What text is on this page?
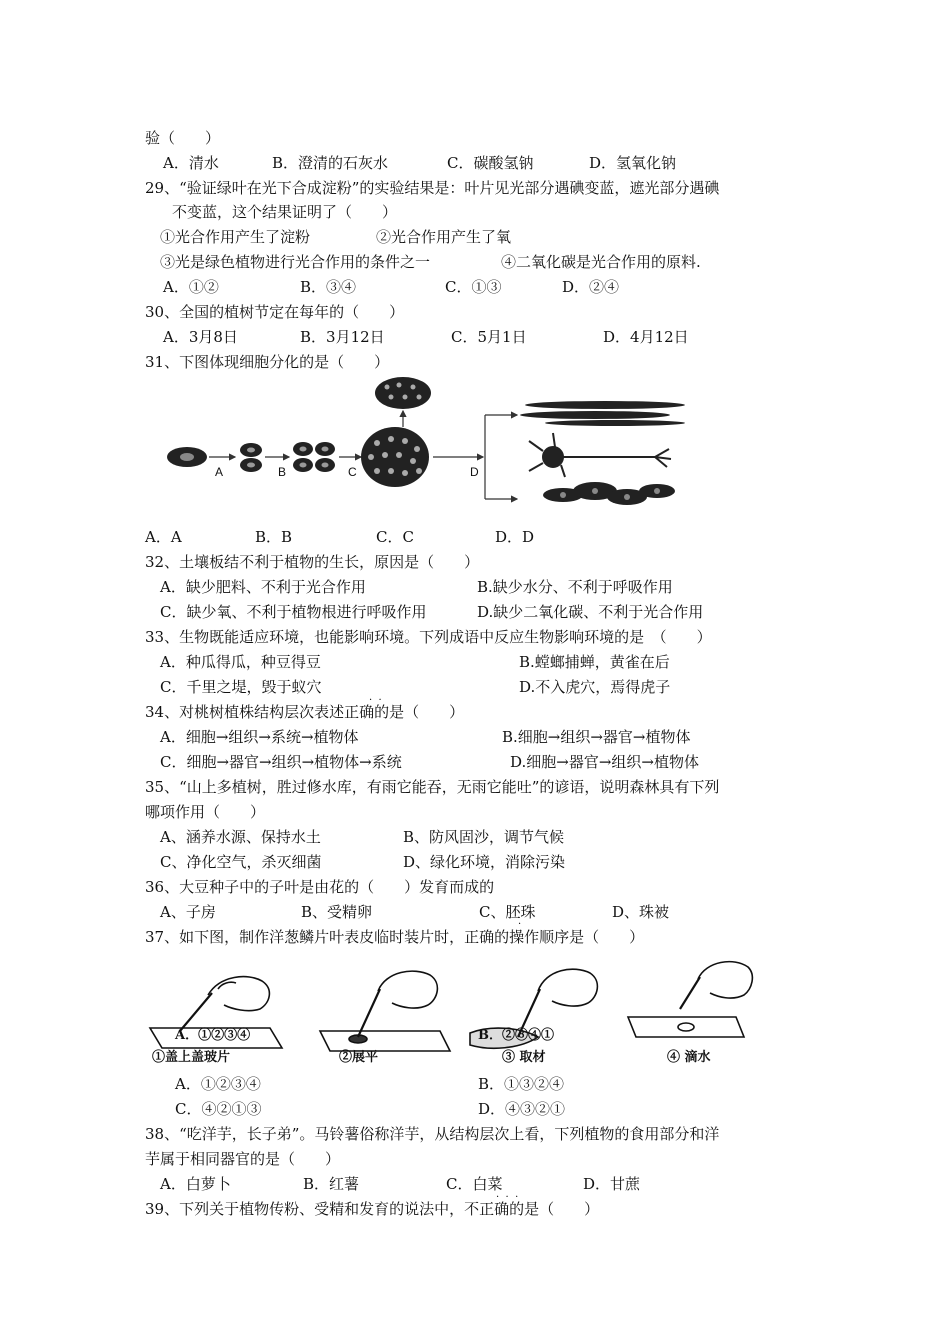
验（　　）
A．清水	B．澄清的石灰水	C．碳酸氢钠	D．氢氧化钠
29、“验证绿叶在光下合成淀粉”的实验结果是：叶片见光部分遇碘变蓝，遮光部分遇碘
不变蓝，这个结果证明了（　　）
①光合作用产生了淀粉	②光合作用产生了氧
③光是绿色植物进行光合作用的条件之一	④二氧化碳是光合作用的原料.
A．①②	B．③④	C．①③	D．②④
30、全国的植树节定在每年的（　　）
A．3月8日	B．3月12日	C．5月1日	D．4月12日
31、下图体现细胞分化的是（　　）
A	B	C	D
A．A	B．B	C．C	D．D
32、土壤板结不利于植物的生长，原因是（　　）
A．缺少肥料、不利于光合作用	B.缺少水分、不利于呼吸作用
C．缺少氧、不利于植物根进行呼吸作用	D.缺少二氧化碳、不利于光合作用
33、生物既能适应环境，也能影响环境。下列成语中反应生物影响环境的是　（　　）
A．种瓜得瓜，种豆得豆	B.螳螂捕蝉，黄雀在后
C．千里之堤，毁于蚁穴	D.不入虎穴，焉得虎子
·  ·
34、对桃树植株结构层次表述正确的是（　　）
A．细胞→组织→系统→植物体	B.细胞→组织→器官→植物体
C．细胞→器官→组织→植物体→系统	D.细胞→器官→组织→植物体
35、“山上多植树，胜过修水库，有雨它能吞，无雨它能吐”的谚语，说明森林具有下列
哪项作用（　　）
A、涵养水源、保持水土	B、防风固沙，调节气候
C、净化空气，杀灭细菌	D、绿化环境，消除污染
36、大豆种子中的子叶是由花的（　　）发育而成的
A、子房	B、受精卵	C、胚珠	D、珠被
·
37、如下图，制作洋葱鳞片叶表皮临时装片时，正确的操作顺序是（　　）
A．①②③④	B．②③④①
①盖上盖玻片	②展平	③ 取材	④ 滴水
A．①②③④	B．①③②④
C．④②①③	D．④③②①
38、“吃洋芋，长子弟”。马铃薯俗称洋芋，从结构层次上看，下列植物的食用部分和洋
芋属于相同器官的是（　　）
A．白萝卜	B．红薯	C．白菜	D．甘蔗
·  ·  ·
39、下列关于植物传粉、受精和发育的说法中，不正确的是（　　）
